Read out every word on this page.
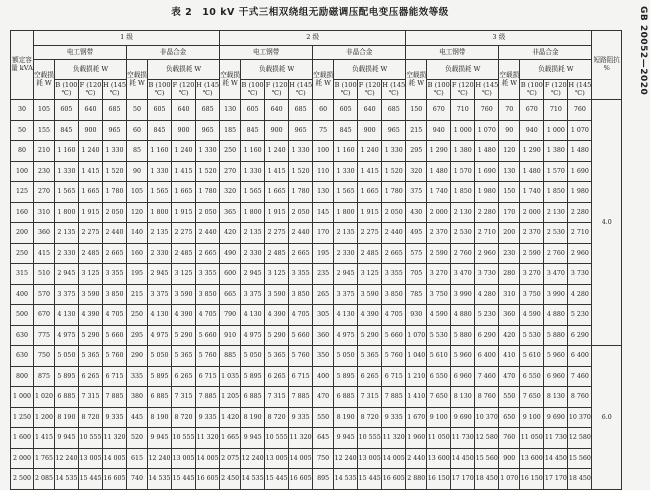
表 2　10 kV 干式三相双绕组无励磁调压配电变压器能效等级	GB 20052—2020
额定容量 kVA	1 级								2 级								3 级								短路阻抗 %
	电工钢带				非晶合金				电工钢带				非晶合金				电工钢带				非晶合金				
	空载损耗 W	负载损耗 W			空载损耗 W	负载损耗 W			空载损耗 W	负载损耗 W			空载损耗 W	负载损耗 W			空载损耗 W	负载损耗 W			空载损耗 W	负载损耗 W			
		B (100 ℃)	F (120 ℃)	H (145 ℃)		B (100 ℃)	F (120 ℃)	H (145 ℃)		B (100 ℃)	F (120 ℃)	H (145 ℃)		B (100 ℃)	F (120 ℃)	H (145 ℃)		B (100 ℃)	F (120 ℃)	H (145 ℃)		B (100 ℃)	F (120 ℃)	H (145 ℃)	
30	105	605	640	685	50	605	640	685	130	605	640	685	60	605	640	685	150	670	710	760	70	670	710	760	4.0
50	155	845	900	965	60	845	900	965	185	845	900	965	75	845	900	965	215	940	1 000	1 070	90	940	1 000	1 070	
80	210	1 160	1 240	1 330	85	1 160	1 240	1 330	250	1 160	1 240	1 330	100	1 160	1 240	1 330	295	1 290	1 380	1 480	120	1 290	1 380	1 480	
100	230	1 330	1 415	1 520	90	1 330	1 415	1 520	270	1 330	1 415	1 520	110	1 330	1 415	1 520	320	1 480	1 570	1 690	130	1 480	1 570	1 690	
125	270	1 565	1 665	1 780	105	1 565	1 665	1 780	320	1 565	1 665	1 780	130	1 565	1 665	1 780	375	1 740	1 850	1 980	150	1 740	1 850	1 980	
160	310	1 800	1 915	2 050	120	1 800	1 915	2 050	365	1 800	1 915	2 050	145	1 800	1 915	2 050	430	2 000	2 130	2 280	170	2 000	2 130	2 280	
200	360	2 135	2 275	2 440	140	2 135	2 275	2 440	420	2 135	2 275	2 440	170	2 135	2 275	2 440	495	2 370	2 530	2 710	200	2 370	2 530	2 710	
250	415	2 330	2 485	2 665	160	2 330	2 485	2 665	490	2 330	2 485	2 665	195	2 330	2 485	2 665	575	2 590	2 760	2 960	230	2 590	2 760	2 960	
315	510	2 945	3 125	3 355	195	2 945	3 125	3 355	600	2 945	3 125	3 355	235	2 945	3 125	3 355	705	3 270	3 470	3 730	280	3 270	3 470	3 730	
400	570	3 375	3 590	3 850	215	3 375	3 590	3 850	665	3 375	3 590	3 850	265	3 375	3 590	3 850	785	3 750	3 990	4 280	310	3 750	3 990	4 280	
500	670	4 130	4 390	4 705	250	4 130	4 390	4 705	790	4 130	4 390	4 705	305	4 130	4 390	4 705	930	4 590	4 880	5 230	360	4 590	4 880	5 230	
630	775	4 975	5 290	5 660	295	4 975	5 290	5 660	910	4 975	5 290	5 660	360	4 975	5 290	5 660	1 070	5 530	5 880	6 290	420	5 530	5 880	6 290	
630	750	5 050	5 365	5 760	290	5 050	5 365	5 760	885	5 050	5 365	5 760	350	5 050	5 365	5 760	1 040	5 610	5 960	6 400	410	5 610	5 960	6 400	6.0
800	875	5 895	6 265	6 715	335	5 895	6 265	6 715	1 035	5 895	6 265	6 715	400	5 895	6 265	6 715	1 210	6 550	6 960	7 460	470	6 550	6 960	7 460	
1 000	1 020	6 885	7 315	7 885	380	6 885	7 315	7 885	1 205	6 885	7 315	7 885	470	6 885	7 315	7 885	1 410	7 650	8 130	8 760	550	7 650	8 130	8 760	
1 250	1 200	8 190	8 720	9 335	445	8 190	8 720	9 335	1 420	8 190	8 720	9 335	550	8 190	8 720	9 335	1 670	9 100	9 690	10 370	650	9 100	9 690	10 370	
1 600	1 415	9 945	10 555	11 320	520	9 945	10 555	11 320	1 665	9 945	10 555	11 320	645	9 945	10 555	11 320	1 960	11 050	11 730	12 580	760	11 050	11 730	12 580	
2 000	1 765	12 240	13 005	14 005	615	12 240	13 005	14 005	2 075	12 240	13 005	14 005	750	12 240	13 005	14 005	2 440	13 600	14 450	15 560	900	13 600	14 450	15 560	
2 500	2 085	14 535	15 445	16 605	740	14 535	15 445	16 605	2 450	14 535	15 445	16 605	895	14 535	15 445	16 605	2 880	16 150	17 170	18 450	1 070	16 150	17 170	18 450	
